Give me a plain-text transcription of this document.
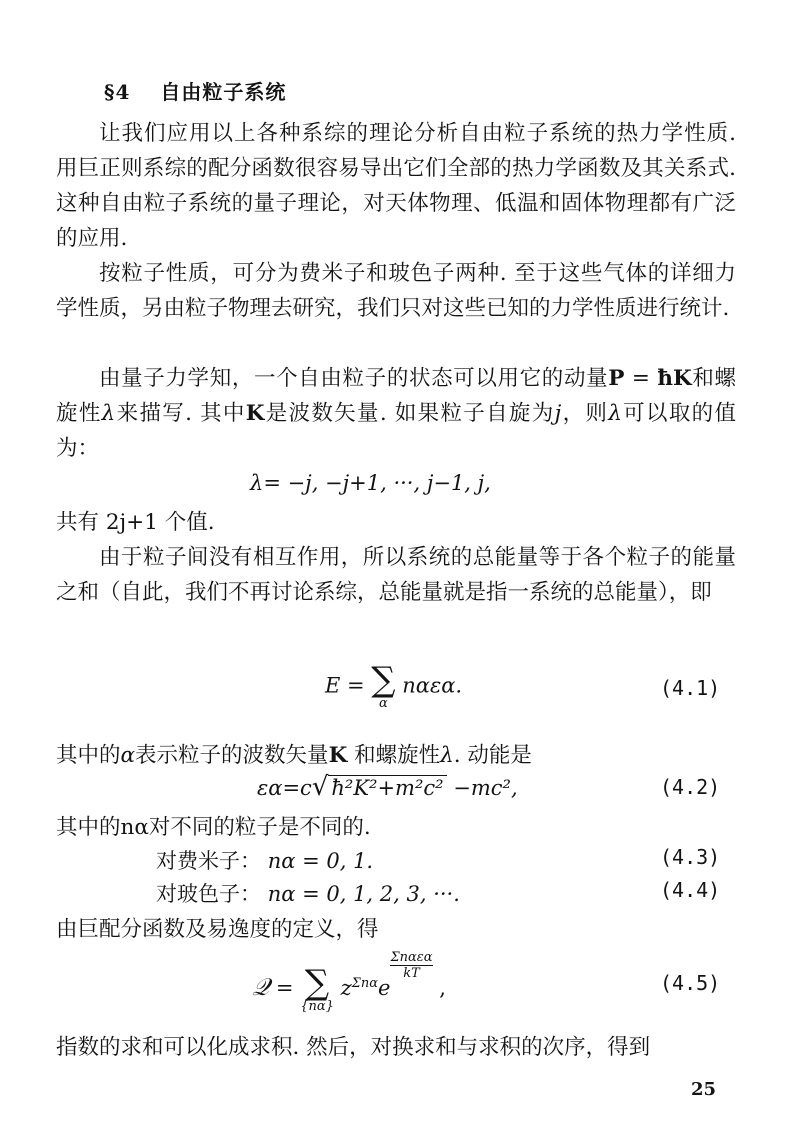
§4 自由粒子系统
让我们应用以上各种系综的理论分析自由粒子系统的热力学性质. 用巨正则系综的配分函数很容易导出它们全部的热力学函数及其关系式. 这种自由粒子系统的量子理论，对天体物理、低温和固体物理都有广泛的应用.
按粒子性质，可分为费米子和玻色子两种. 至于这些气体的详细力学性质，另由粒子物理去研究，我们只对这些已知的力学性质进行统计.
由量子力学知，一个自由粒子的状态可以用它的动量P = ħK和螺旋性λ来描写. 其中K是波数矢量. 如果粒子自旋为j，则λ可以取的值为：
λ= −j, −j+1, ···, j−1, j,
共有 2j+1 个值.
由于粒子间没有相互作用，所以系统的总能量等于各个粒子的能量之和（自此，我们不再讨论系综，总能量就是指一系统的总能量），即
E = ∑
α
nαεα.	(4.1)
其中的α表示粒子的波数矢量K 和螺旋性λ. 动能是
εα=c√ ħ²K²+m²c² −mc²,	(4.2)
其中的nα对不同的粒子是不同的.
对费米子： nα = 0, 1.	(4.3)
对玻色子： nα = 0, 1, 2, 3, ···.	(4.4)
由巨配分函数及易逸度的定义，得
𝒬 = ∑
{nα}
$z^{\Sigma n\alpha}e$
Σnαεα
kT
,	(4.5)
指数的求和可以化成求积. 然后，对换求和与求积的次序，得到
25
